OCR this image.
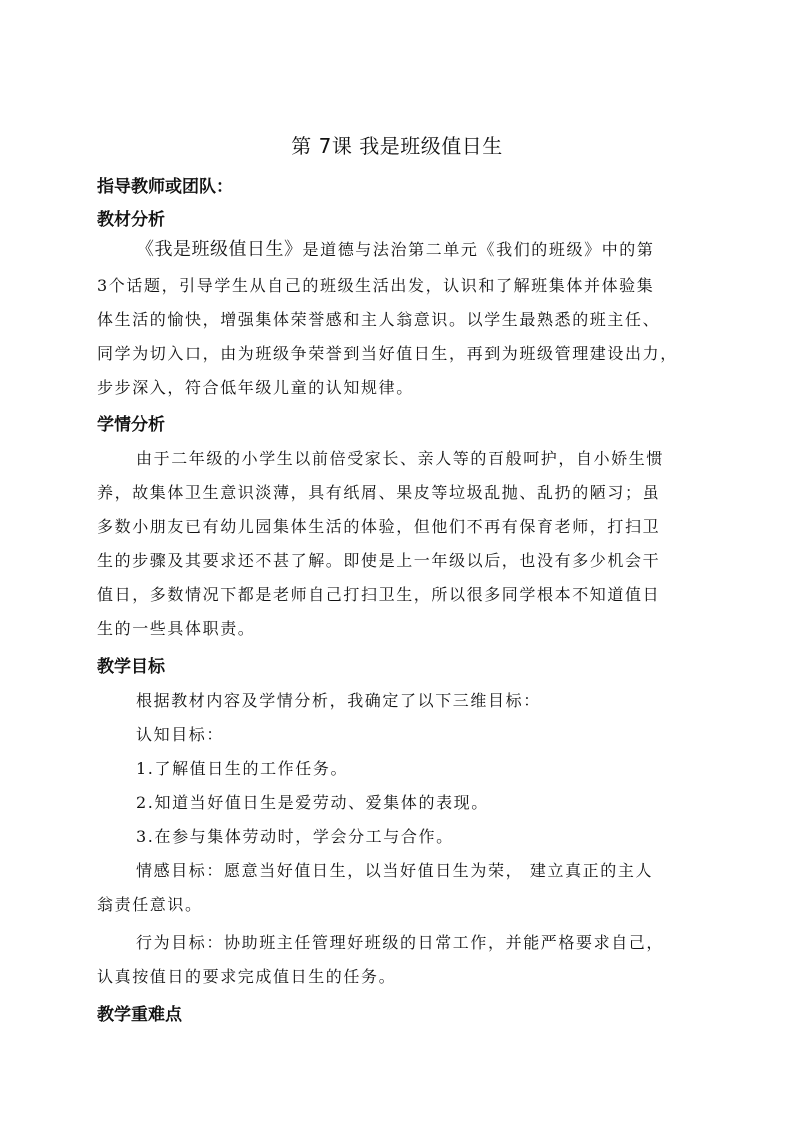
第 7课 我是班级值日生
指导教师或团队：
教材分析
《我是班级值日生》是道德与法治第二单元《我们的班级》中的第
3个话题，引导学生从自己的班级生活出发，认识和了解班集体并体验集
体生活的愉快，增强集体荣誉感和主人翁意识。以学生最熟悉的班主任、
同学为切入口，由为班级争荣誉到当好值日生，再到为班级管理建设出力，
步步深入，符合低年级儿童的认知规律。
学情分析
由于二年级的小学生以前倍受家长、亲人等的百般呵护，自小娇生惯
养，故集体卫生意识淡薄，具有纸屑、果皮等垃圾乱抛、乱扔的陋习；虽
多数小朋友已有幼儿园集体生活的体验，但他们不再有保育老师，打扫卫
生的步骤及其要求还不甚了解。即使是上一年级以后，也没有多少机会干
值日，多数情况下都是老师自己打扫卫生，所以很多同学根本不知道值日
生的一些具体职责。
教学目标
根据教材内容及学情分析，我确定了以下三维目标：
认知目标：
1.了解值日生的工作任务。
2.知道当好值日生是爱劳动、爱集体的表现。
3.在参与集体劳动时，学会分工与合作。
情感目标：愿意当好值日生，以当好值日生为荣， 建立真正的主人
翁责任意识。
行为目标：协助班主任管理好班级的日常工作，并能严格要求自己，
认真按值日的要求完成值日生的任务。
教学重难点
